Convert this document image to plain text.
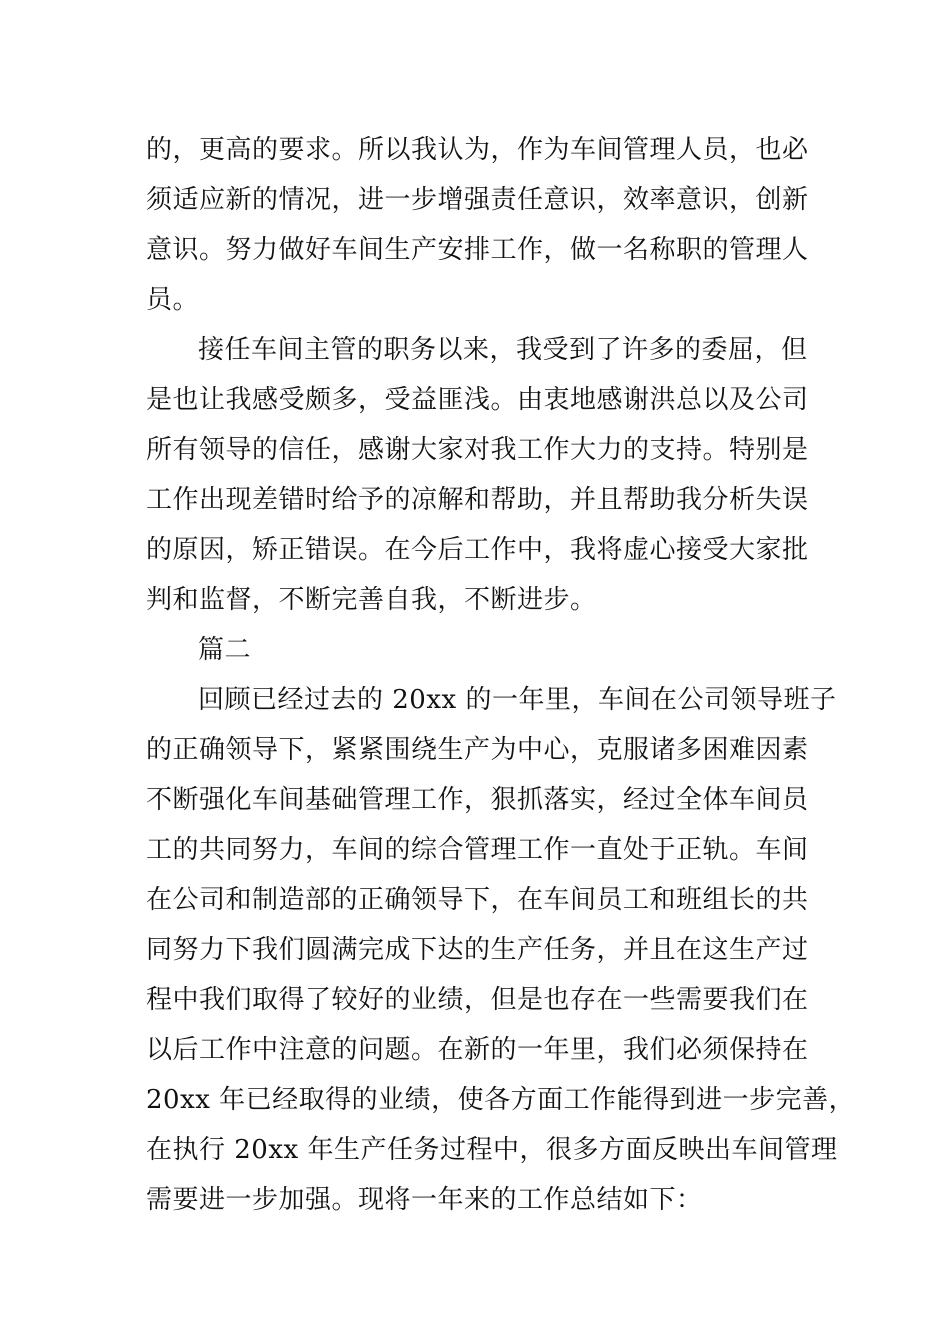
的，更高的要求。所以我认为，作为车间管理人员，也必
须适应新的情况，进一步增强责任意识，效率意识，创新
意识。努力做好车间生产安排工作，做一名称职的管理人
员。
接任车间主管的职务以来，我受到了许多的委屈，但
是也让我感受颇多，受益匪浅。由衷地感谢洪总以及公司
所有领导的信任，感谢大家对我工作大力的支持。特别是
工作出现差错时给予的凉解和帮助，并且帮助我分析失误
的原因，矫正错误。在今后工作中，我将虚心接受大家批
判和监督，不断完善自我，不断进步。
篇二
回顾已经过去的 20xx 的一年里，车间在公司领导班子
的正确领导下，紧紧围绕生产为中心，克服诸多困难因素
不断强化车间基础管理工作，狠抓落实，经过全体车间员
工的共同努力，车间的综合管理工作一直处于正轨。车间
在公司和制造部的正确领导下，在车间员工和班组长的共
同努力下我们圆满完成下达的生产任务，并且在这生产过
程中我们取得了较好的业绩，但是也存在一些需要我们在
以后工作中注意的问题。在新的一年里，我们必须保持在
20xx 年已经取得的业绩，使各方面工作能得到进一步完善，
在执行 20xx 年生产任务过程中，很多方面反映出车间管理
需要进一步加强。现将一年来的工作总结如下：
